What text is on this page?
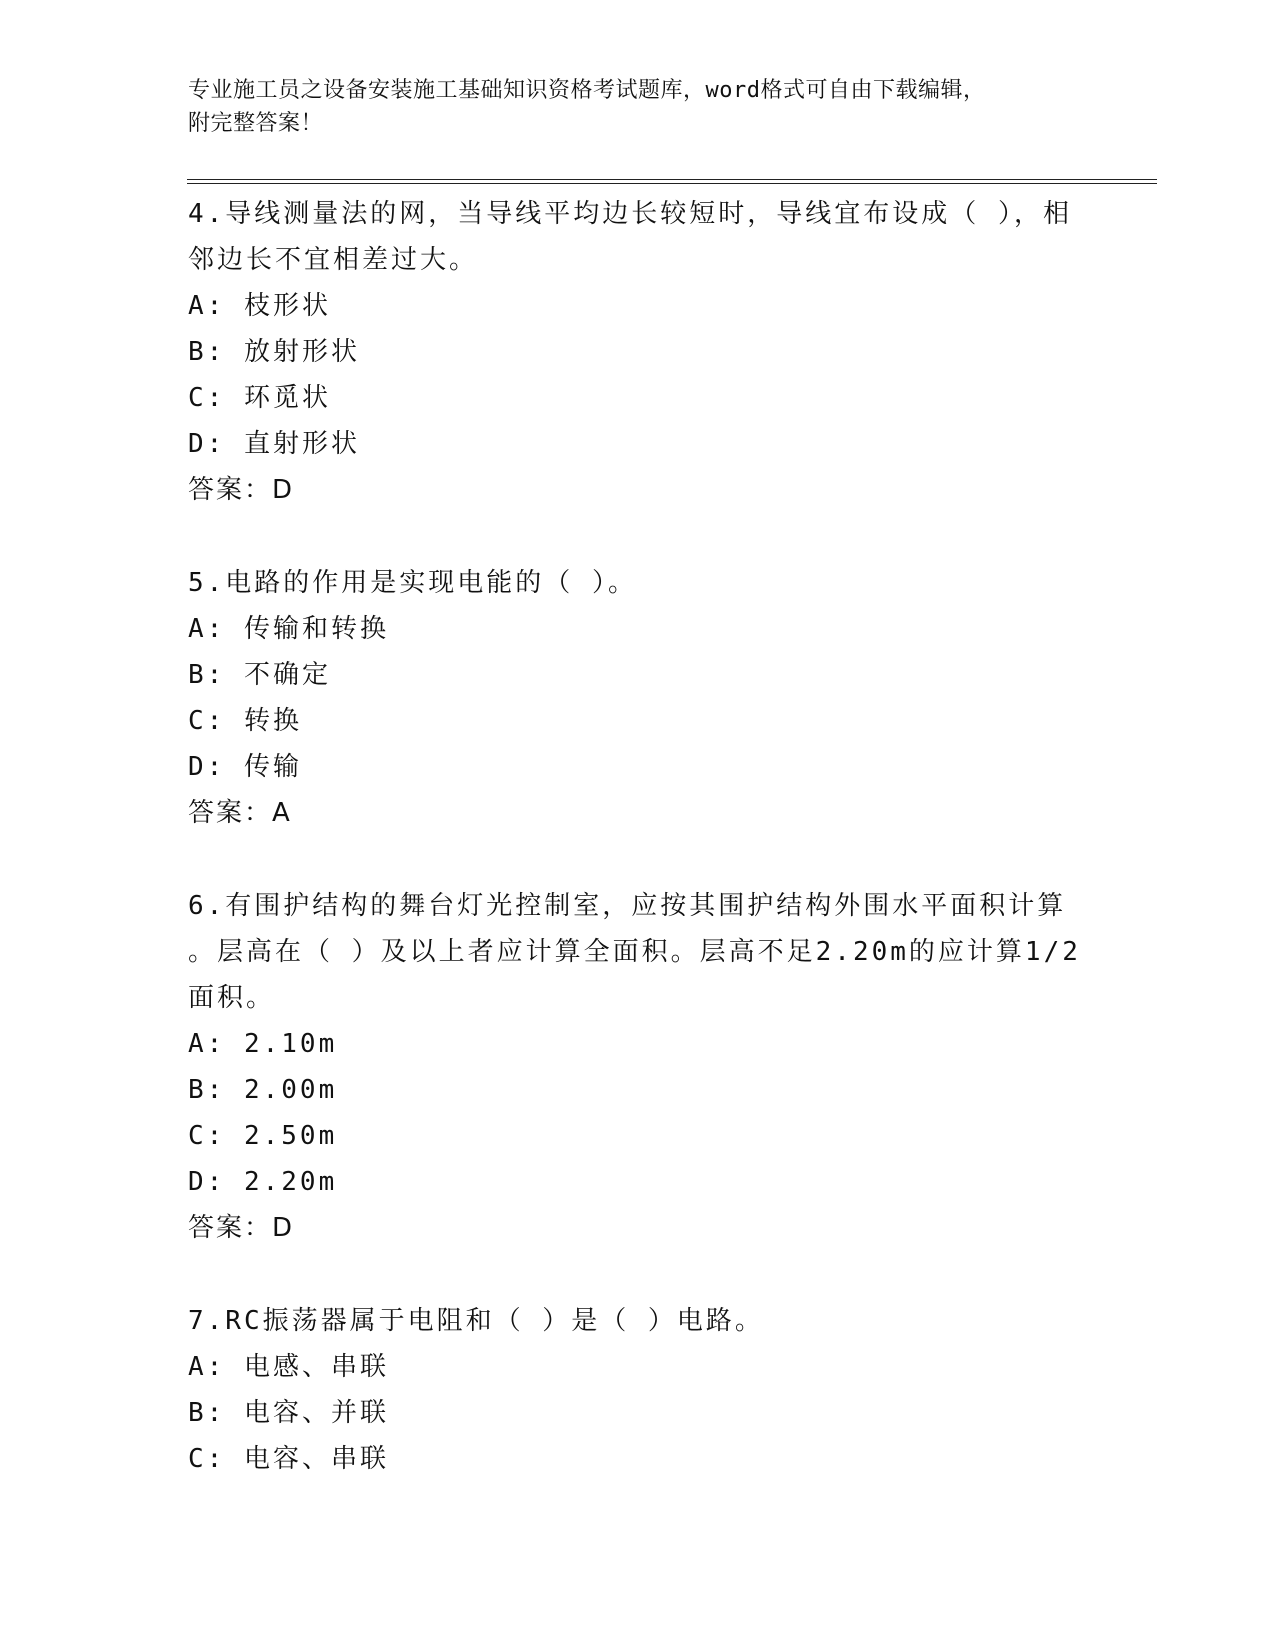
专业施工员之设备安装施工基础知识资格考试题库，word格式可自由下载编辑，
附完整答案！

4.导线测量法的网，当导线平均边长较短时，导线宜布设成（ ），相

邻边长不宜相差过大。

A: 枝形状

B: 放射形状

C: 环觅状

D: 直射形状

答案：D

5.电路的作用是实现电能的（ ）。

A: 传输和转换

B: 不确定

C: 转换

D: 传输

答案：A

6.有围护结构的舞台灯光控制室，应按其围护结构外围水平面积计算

。层高在（ ）及以上者应计算全面积。层高不足2.20m的应计算1/2

面积。

A: 2.10m

B: 2.00m

C: 2.50m

D: 2.20m

答案：D

7.RC振荡器属于电阻和（ ）是（ ）电路。

A: 电感、串联

B: 电容、并联

C: 电容、串联
